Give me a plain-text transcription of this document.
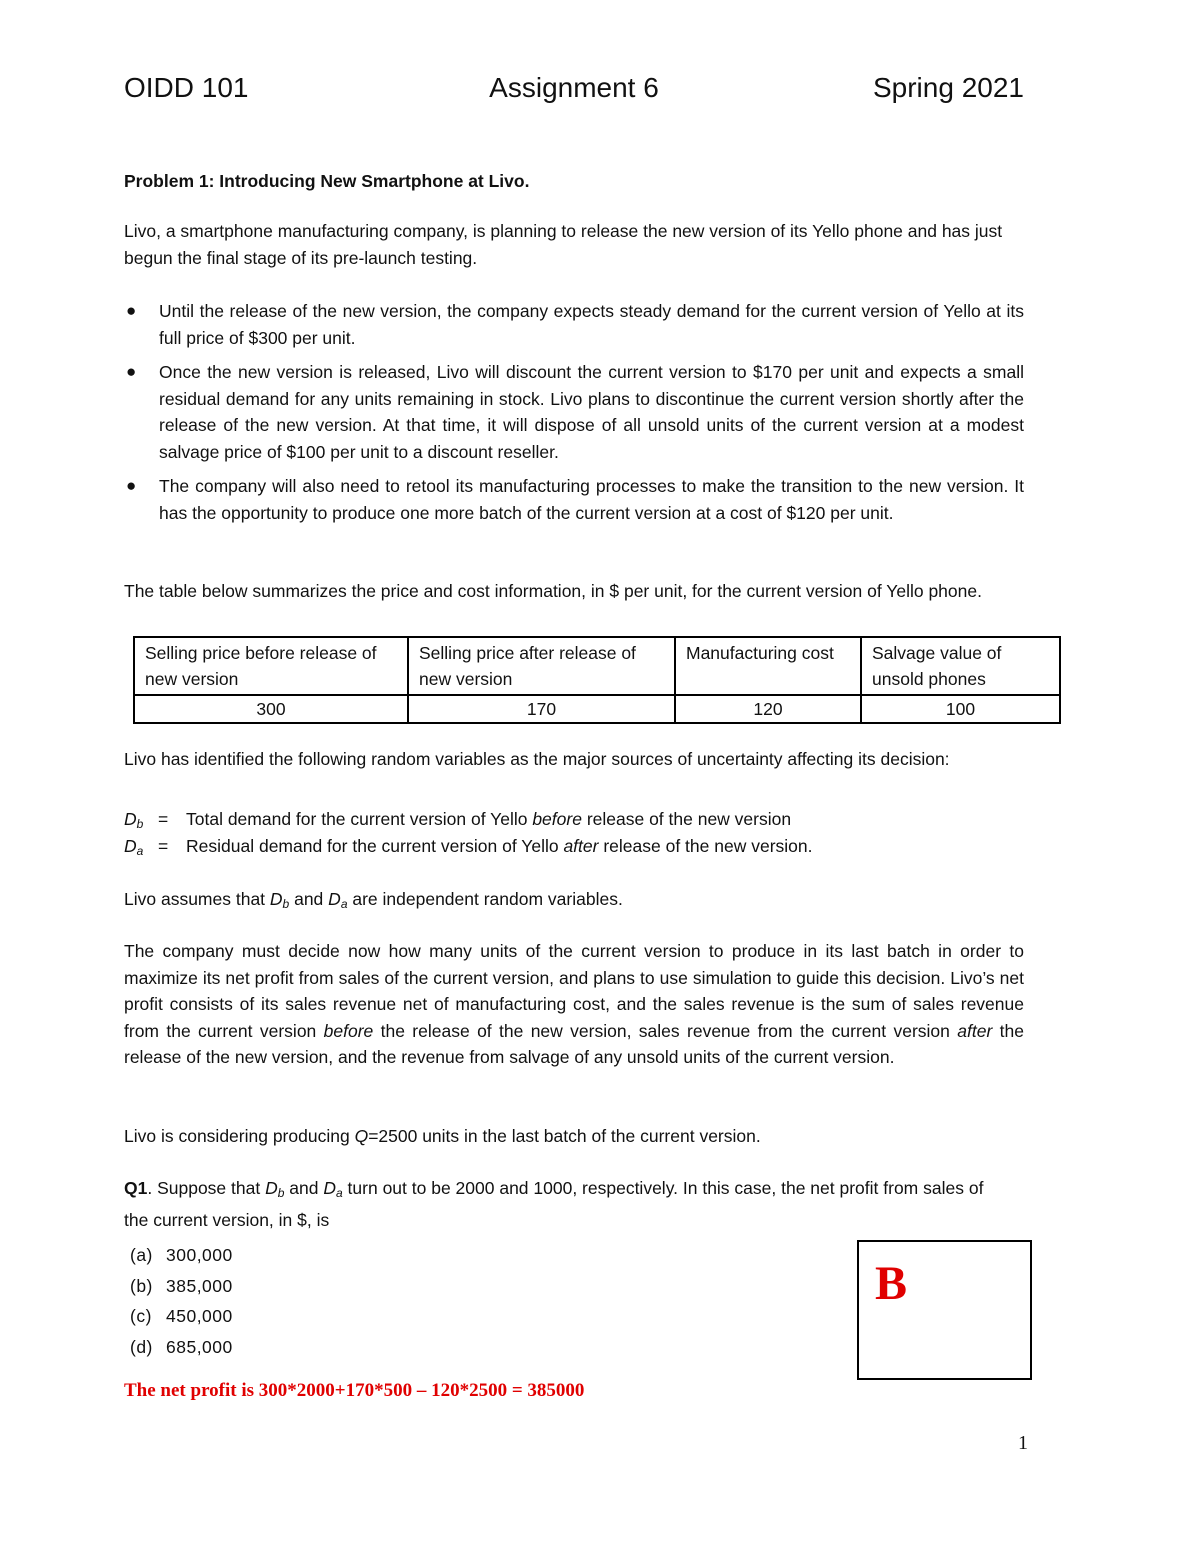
OIDD 101	Assignment 6	Spring 2021

Problem 1: Introducing New Smartphone at Livo.

Livo, a smartphone manufacturing company, is planning to release the new version of its Yello phone and has just begun the final stage of its pre-launch testing.

● Until the release of the new version, the company expects steady demand for the current version of Yello at its full price of $300 per unit.
● Once the new version is released, Livo will discount the current version to $170 per unit and expects a small residual demand for any units remaining in stock. Livo plans to discontinue the current version shortly after the release of the new version. At that time, it will dispose of all unsold units of the current version at a modest salvage price of $100 per unit to a discount reseller.
● The company will also need to retool its manufacturing processes to make the transition to the new version. It has the opportunity to produce one more batch of the current version at a cost of $120 per unit.

The table below summarizes the price and cost information, in $ per unit, for the current version of Yello phone.

Selling price before release of new version	Selling price after release of new version	Manufacturing cost	Salvage value of unsold phones
300	170	120	100

Livo has identified the following random variables as the major sources of uncertainty affecting its decision:

$D_b$ = Total demand for the current version of Yello before release of the new version
$D_a$ = Residual demand for the current version of Yello after release of the new version.

Livo assumes that $D_b$ and $D_a$ are independent random variables.

The company must decide now how many units of the current version to produce in its last batch in order to maximize its net profit from sales of the current version, and plans to use simulation to guide this decision. Livo’s net profit consists of its sales revenue net of manufacturing cost, and the sales revenue is the sum of sales revenue from the current version before the release of the new version, sales revenue from the current version after the release of the new version, and the revenue from salvage of any unsold units of the current version.

Livo is considering producing Q=2500 units in the last batch of the current version.

Q1. Suppose that $D_b$ and $D_a$ turn out to be 2000 and 1000, respectively. In this case, the net profit from sales of the current version, in $, is

(a) 300,000
(b) 385,000
(c) 450,000
(d) 685,000
B
The net profit is 300*2000+170*500 – 120*2500 = 385000
1
